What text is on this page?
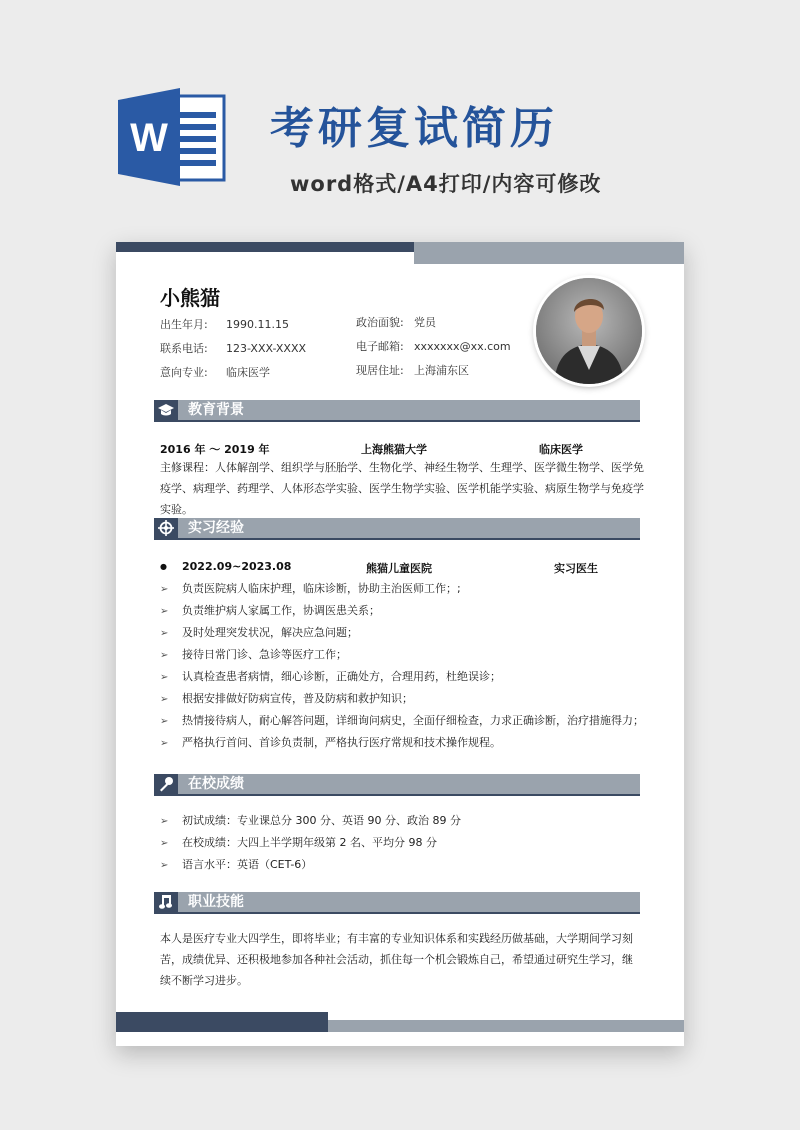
W 考研复试简历
word格式/A4打印/内容可修改
小熊猫
出生年月: 1990.11.15
联系电话: 123-XXX-XXXX
意向专业: 临床医学
政治面貌: 党员
电子邮箱: xxxxxxx@xx.com
现居住址: 上海浦东区
教育背景
2016 年 ～ 2019 年	上海熊猫大学	临床医学
主修课程：人体解剖学、组织学与胚胎学、生物化学、神经生物学、生理学、医学微生物学、医学免疫学、病理学、药理学、人体形态学实验、医学生物学实验、医学机能学实验、病原生物学与免疫学实验。
实习经验
● 2022.09~2023.08	熊猫儿童医院	实习医生
➢ 负责医院病人临床护理，临床诊断，协助主治医师工作；;
➢ 负责维护病人家属工作，协调医患关系；
➢ 及时处理突发状况，解决应急问题；
➢ 接待日常门诊、急诊等医疗工作；
➢ 认真检查患者病情，细心诊断，正确处方，合理用药，杜绝误诊；
➢ 根据安排做好防病宣传，普及防病和救护知识；
➢ 热情接待病人，耐心解答问题，详细询问病史，全面仔细检查，力求正确诊断，治疗措施得力；
➢ 严格执行首问、首诊负责制，严格执行医疗常规和技术操作规程。
在校成绩
➢ 初试成绩：专业课总分 300 分、英语 90 分、政治 89 分
➢ 在校成绩：大四上半学期年级第 2 名、平均分 98 分
➢ 语言水平：英语（CET-6）
职业技能
本人是医疗专业大四学生，即将毕业；有丰富的专业知识体系和实践经历做基础，大学期间学习刻苦，成绩优异、还积极地参加各种社会活动，抓住每一个机会锻炼自己，希望通过研究生学习，继续不断学习进步。
